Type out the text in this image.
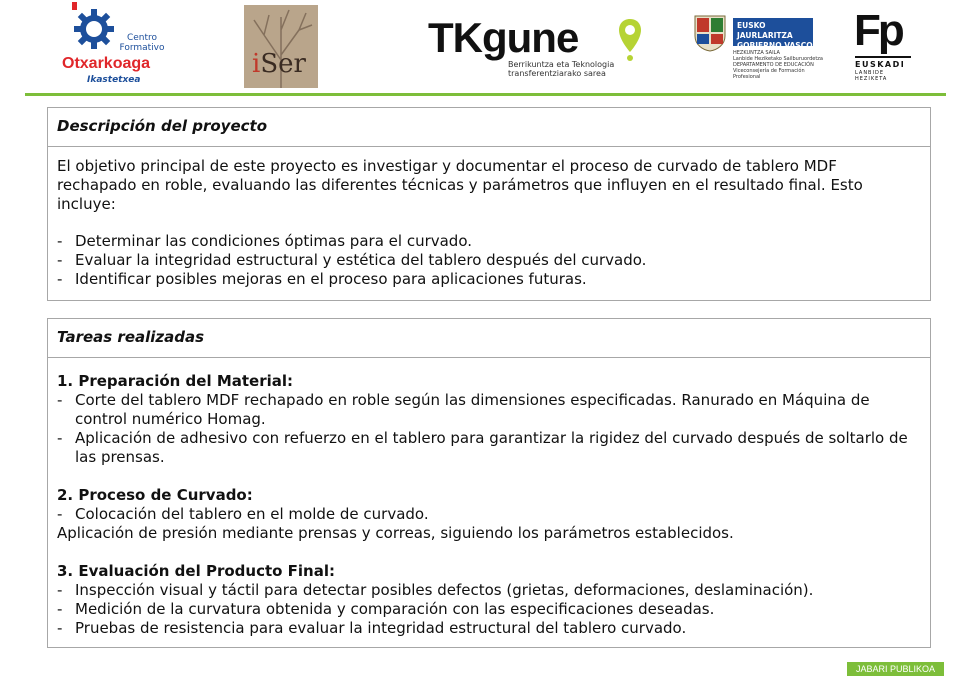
Centro Formativo
Otxarkoaga
Ikastetxea
iSer
TKgune
Berrikuntza eta Teknologia
transferentziarako sarea
EUSKO JAURLARITZA
GOBIERNO VASCO
HEZKUNTZA SAILA
Lanbide Heziketako Sailburuordetza
DEPARTAMENTO DE EDUCACIÓN
Viceconsejería de Formación Profesional
Fp
EUSKADI
LANBIDE HEZIKETA
Descripción del proyecto

El objetivo principal de este proyecto es investigar y documentar el proceso de curvado de tablero MDF rechapado en roble, evaluando las diferentes técnicas y parámetros que influyen en el resultado final. Esto incluye:

- Determinar las condiciones óptimas para el curvado.
- Evaluar la integridad estructural y estética del tablero después del curvado.
- Identificar posibles mejoras en el proceso para aplicaciones futuras.
Tareas realizadas
1. Preparación del Material:
- Corte del tablero MDF rechapado en roble según las dimensiones especificadas. Ranurado en Máquina de control numérico Homag.
- Aplicación de adhesivo con refuerzo en el tablero para garantizar la rigidez del curvado después de soltarlo de las prensas.
2. Proceso de Curvado:
- Colocación del tablero en el molde de curvado.
Aplicación de presión mediante prensas y correas, siguiendo los parámetros establecidos.
3. Evaluación del Producto Final:
- Inspección visual y táctil para detectar posibles defectos (grietas, deformaciones, deslaminación).
- Medición de la curvatura obtenida y comparación con las especificaciones deseadas.
- Pruebas de resistencia para evaluar la integridad estructural del tablero curvado.
JABARI PUBLIKOA
